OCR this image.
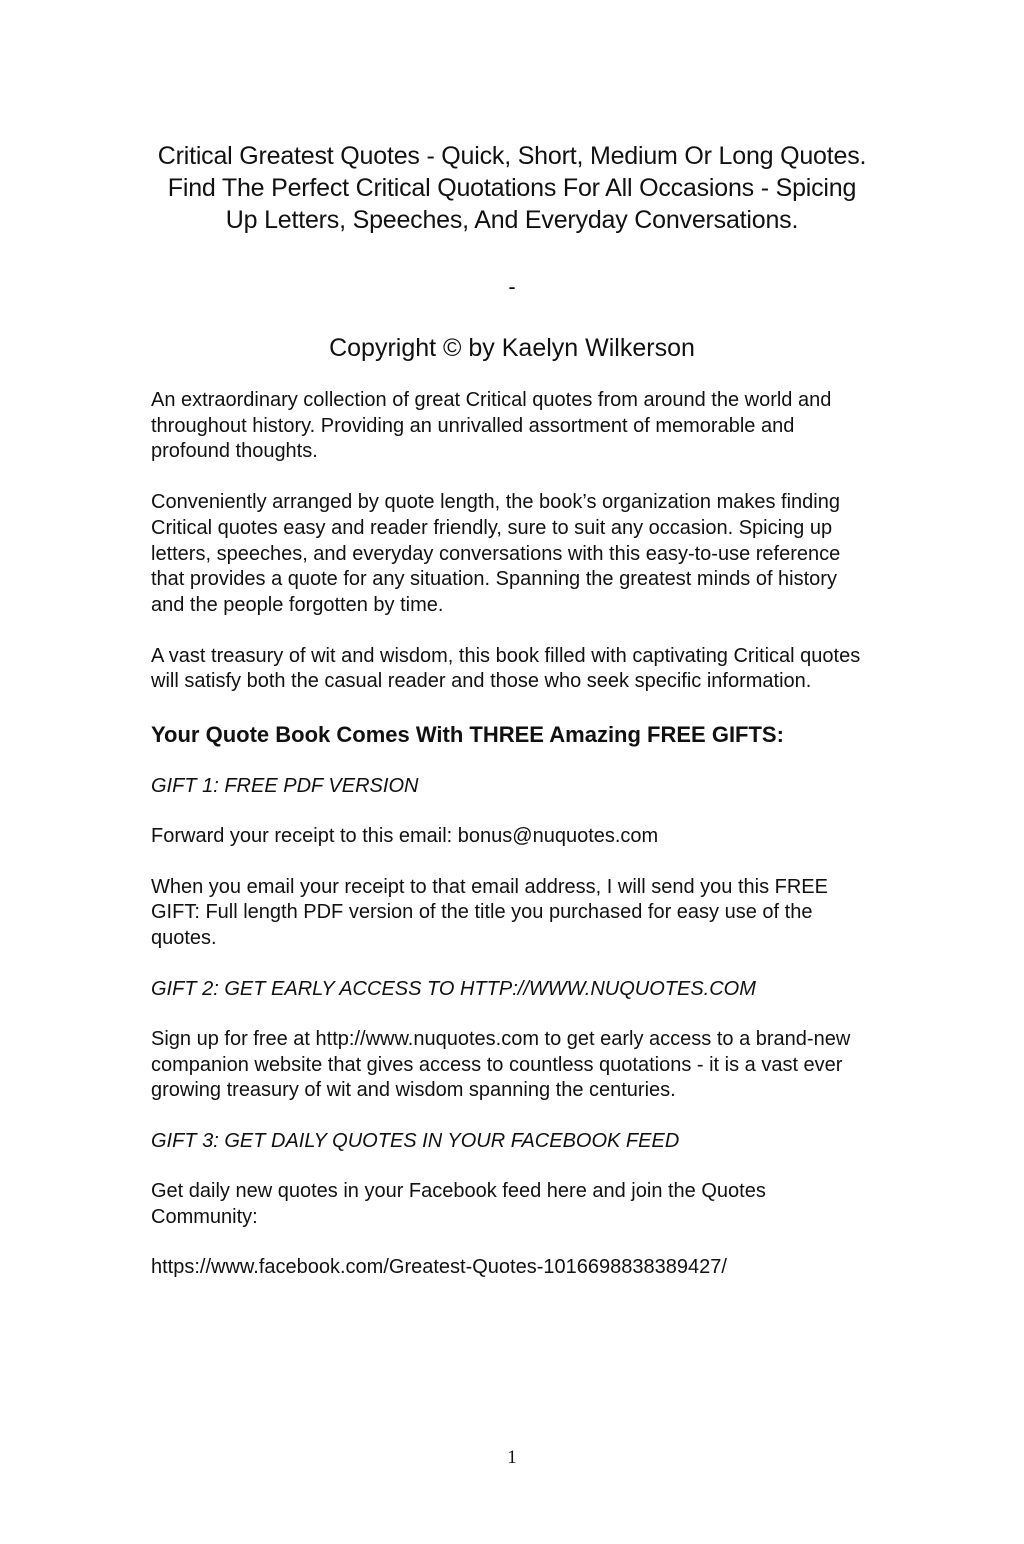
Critical Greatest Quotes - Quick, Short, Medium Or Long Quotes. Find The Perfect Critical Quotations For All Occasions - Spicing Up Letters, Speeches, And Everyday Conversations.
-
Copyright © by Kaelyn Wilkerson

An extraordinary collection of great Critical quotes from around the world and throughout history. Providing an unrivalled assortment of memorable and profound thoughts.

Conveniently arranged by quote length, the book’s organization makes finding Critical quotes easy and reader friendly, sure to suit any occasion. Spicing up letters, speeches, and everyday conversations with this easy-to-use reference that provides a quote for any situation. Spanning the greatest minds of history and the people forgotten by time.

A vast treasury of wit and wisdom, this book filled with captivating Critical quotes will satisfy both the casual reader and those who seek specific information.

Your Quote Book Comes With THREE Amazing FREE GIFTS:
GIFT 1: FREE PDF VERSION

Forward your receipt to this email: bonus@nuquotes.com

When you email your receipt to that email address, I will send you this FREE GIFT: Full length PDF version of the title you purchased for easy use of the quotes.

GIFT 2: GET EARLY ACCESS TO HTTP://WWW.NUQUOTES.COM

Sign up for free at http://www.nuquotes.com to get early access to a brand-new companion website that gives access to countless quotations - it is a vast ever growing treasury of wit and wisdom spanning the centuries.

GIFT 3: GET DAILY QUOTES IN YOUR FACEBOOK FEED

Get daily new quotes in your Facebook feed here and join the Quotes Community:

https://www.facebook.com/Greatest-Quotes-1016698838389427/

1
